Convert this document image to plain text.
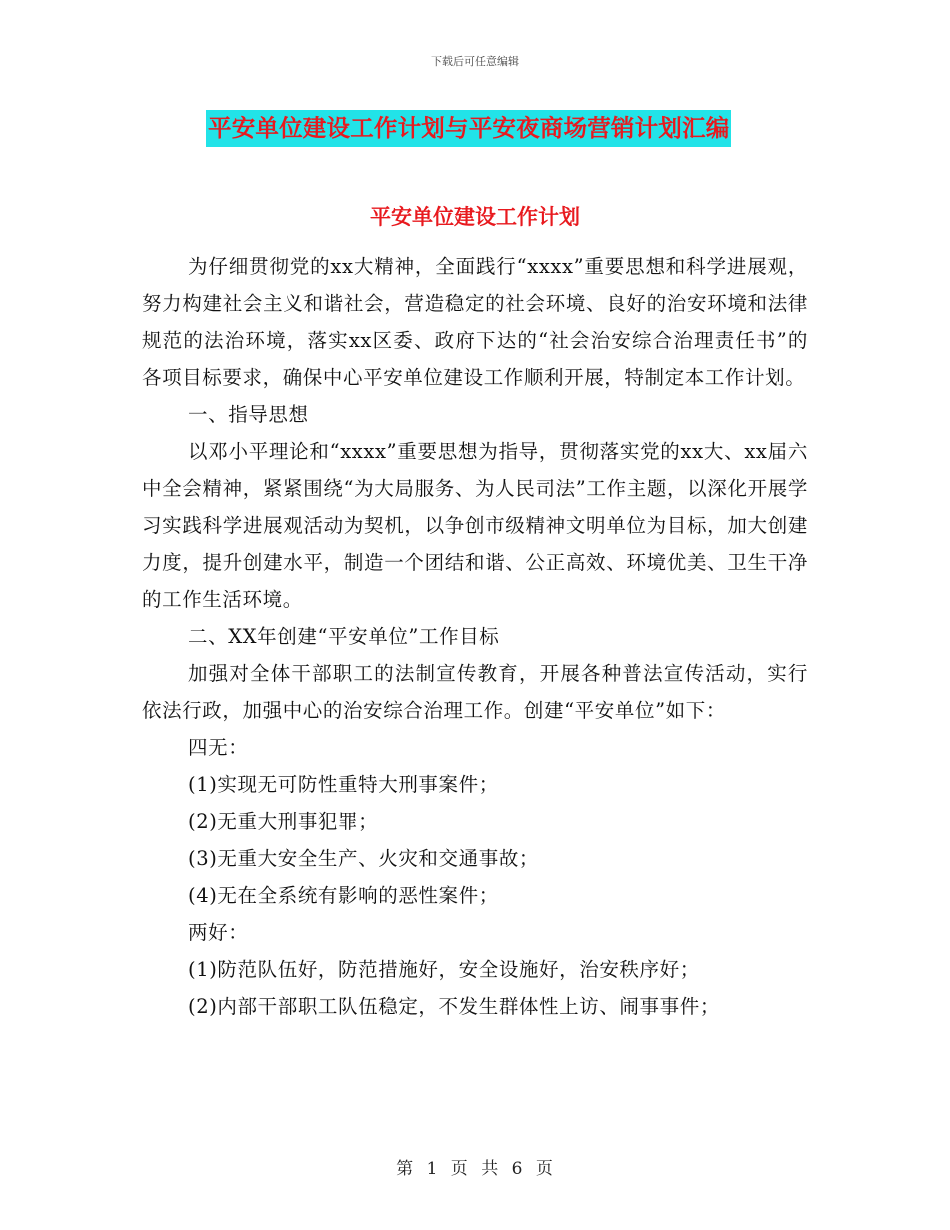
下载后可任意编辑
平安单位建设工作计划与平安夜商场营销计划汇编
平安单位建设工作计划

为仔细贯彻党的xx大精神，全面践行“xxxx”重要思想和科学进展观，努力构建社会主义和谐社会，营造稳定的社会环境、良好的治安环境和法律规范的法治环境，落实xx区委、政府下达的“社会治安综合治理责任书”的各项目标要求，确保中心平安单位建设工作顺利开展，特制定本工作计划。

一、指导思想

以邓小平理论和“xxxx”重要思想为指导，贯彻落实党的xx大、xx届六中全会精神，紧紧围绕“为大局服务、为人民司法”工作主题，以深化开展学习实践科学进展观活动为契机，以争创市级精神文明单位为目标，加大创建力度，提升创建水平，制造一个团结和谐、公正高效、环境优美、卫生干净的工作生活环境。

二、XX年创建“平安单位”工作目标

加强对全体干部职工的法制宣传教育，开展各种普法宣传活动，实行依法行政，加强中心的治安综合治理工作。创建“平安单位”如下：

四无：

(1)实现无可防性重特大刑事案件；

(2)无重大刑事犯罪；

(3)无重大安全生产、火灾和交通事故；

(4)无在全系统有影响的恶性案件；

两好：

(1)防范队伍好，防范措施好，安全设施好，治安秩序好；

(2)内部干部职工队伍稳定，不发生群体性上访、闹事事件；

第 1 页 共 6 页
